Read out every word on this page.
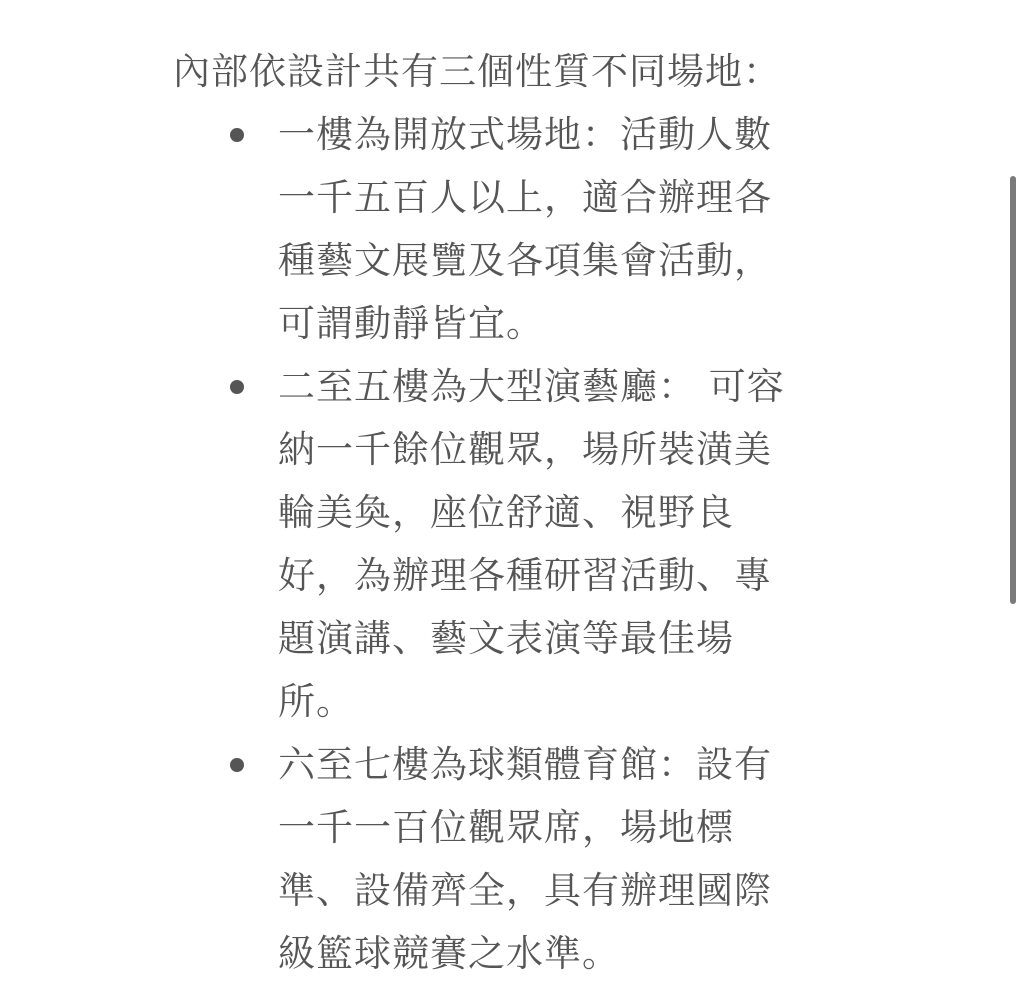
內部依設計共有三個性質不同場地：

一樓為開放式場地：活動人數一千五百人以上，適合辦理各種藝文展覽及各項集會活動，可謂動靜皆宜。
二至五樓為大型演藝廳： 可容納一千餘位觀眾，場所裝潢美輪美奐，座位舒適、視野良好，為辦理各種研習活動、專題演講、藝文表演等最佳場所。
六至七樓為球類體育館：設有一千一百位觀眾席，場地標準、設備齊全，具有辦理國際級籃球競賽之水準。
